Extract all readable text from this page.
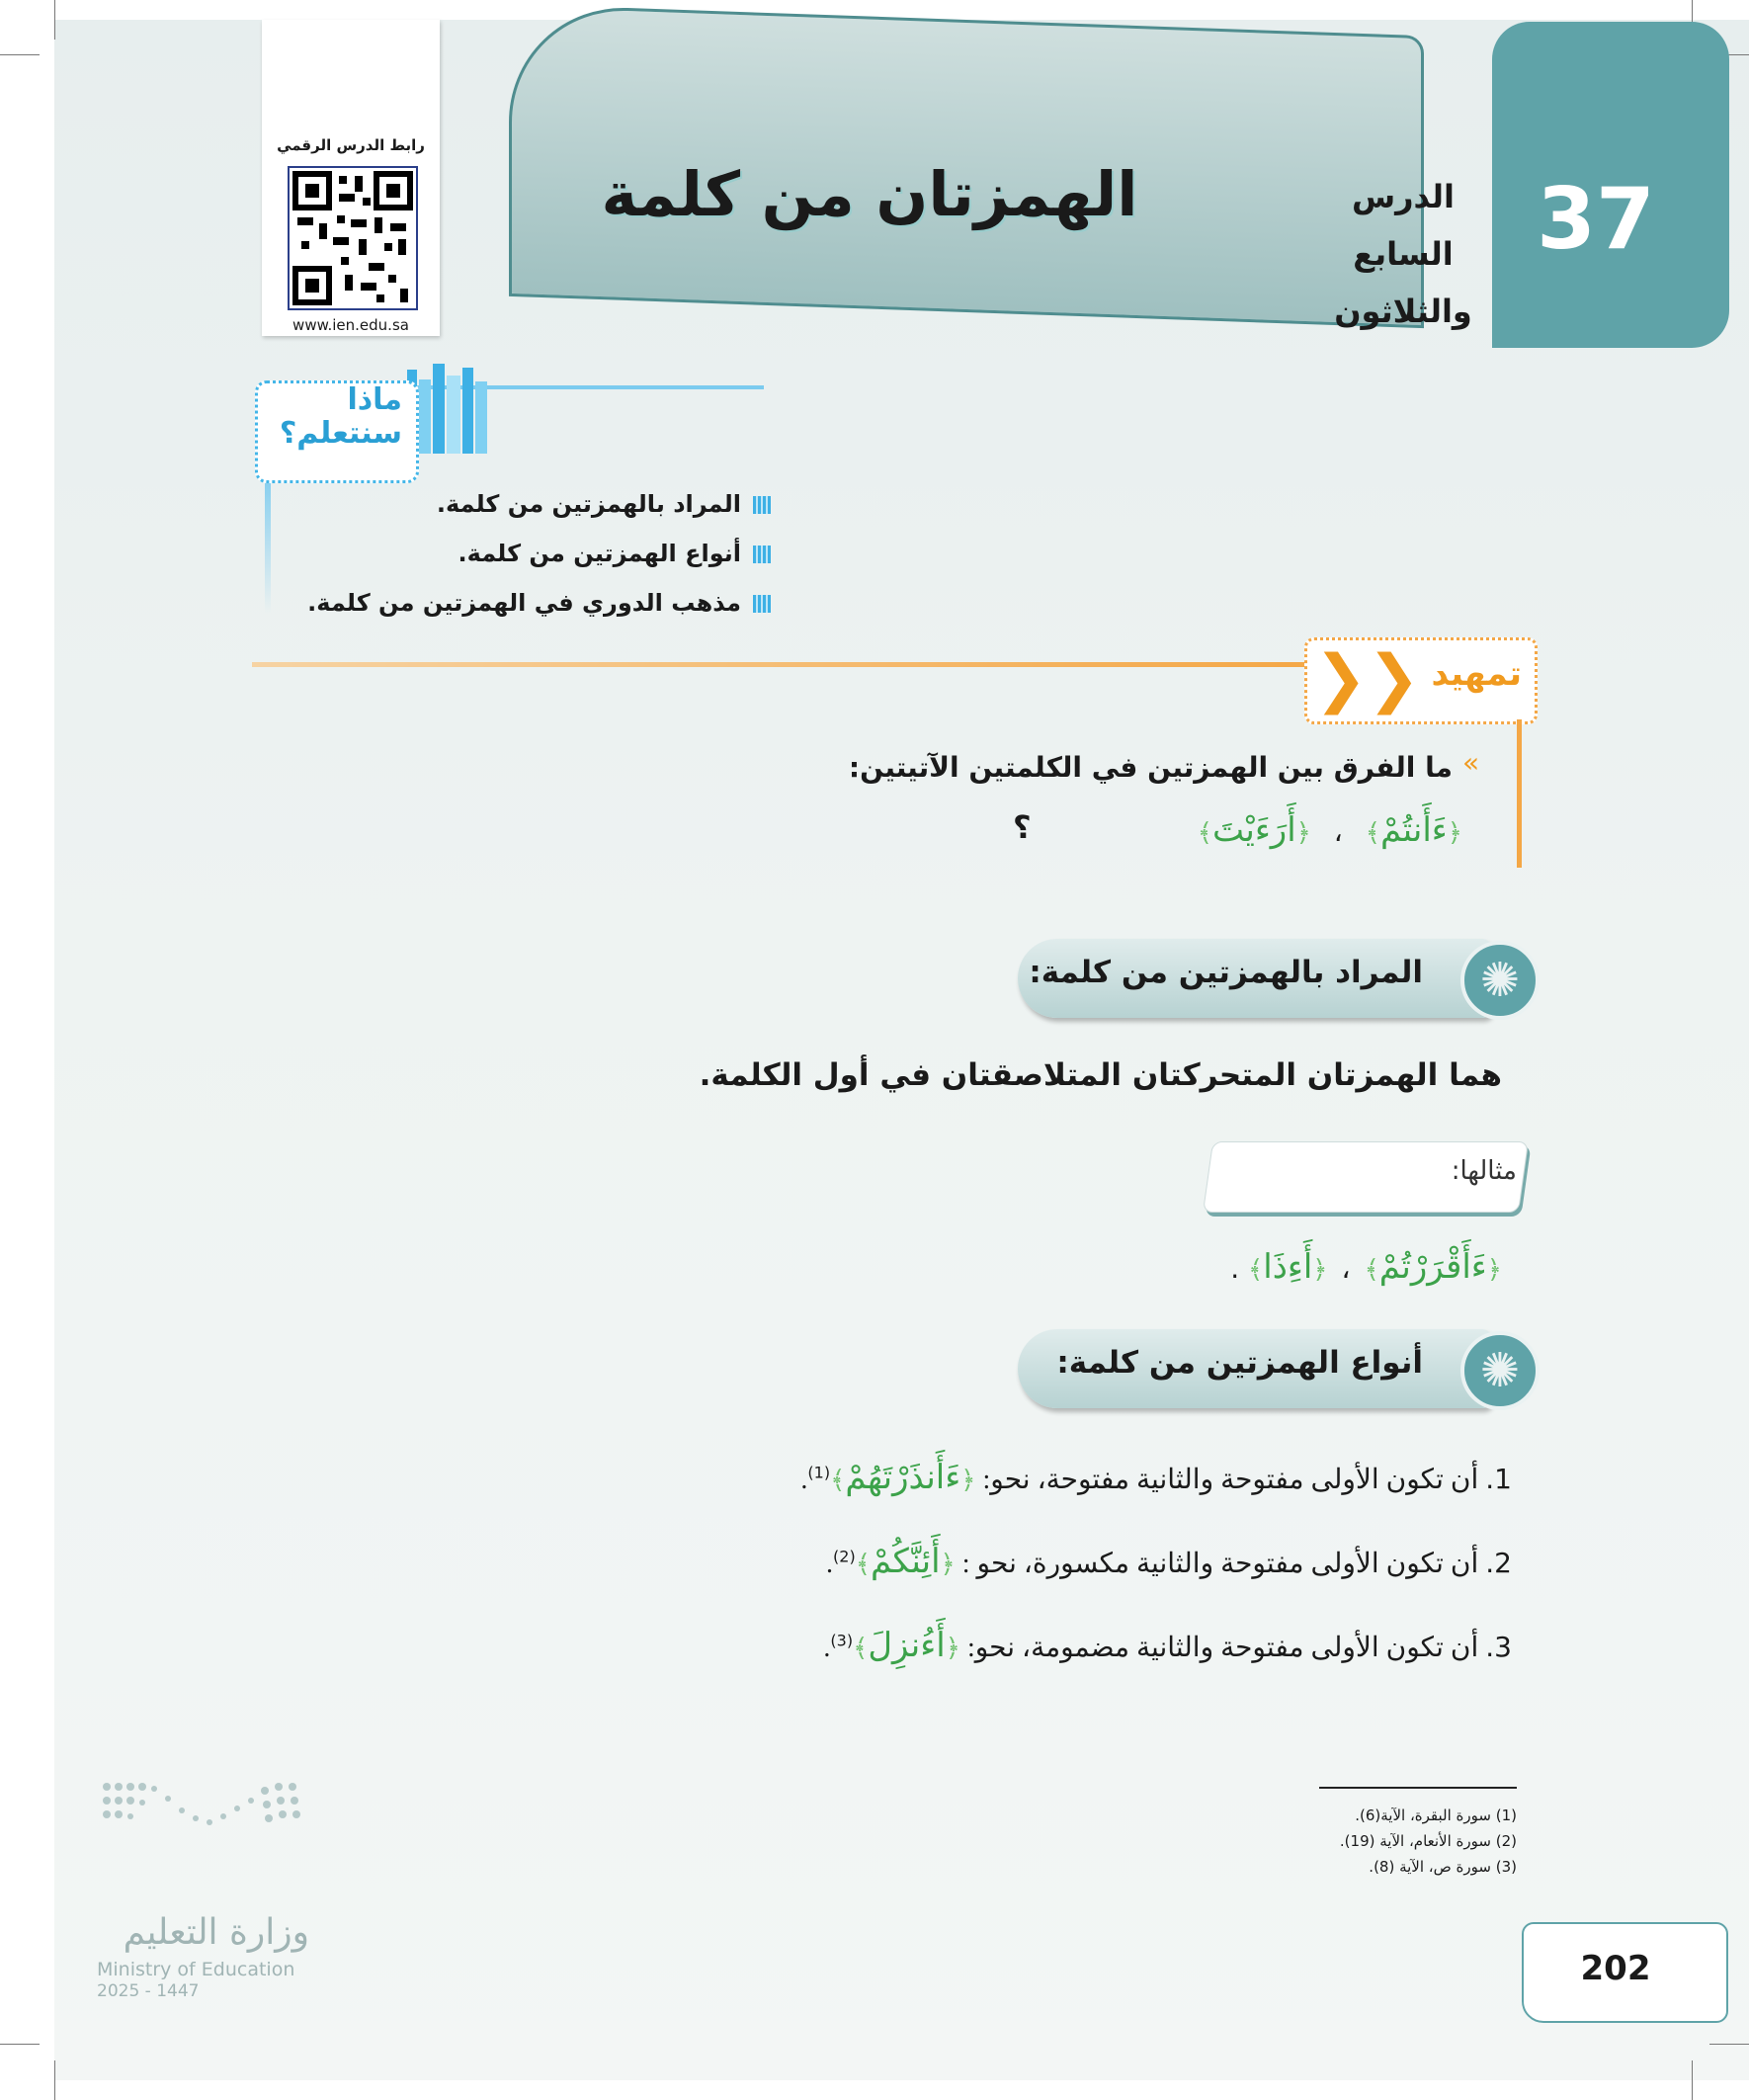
الهمزتان من كلمة	الدرس السابع
والثلاثون
37
رابط الدرس الرقمي
www.ien.edu.sa
ماذا
سنتعلم؟
المراد بالهمزتين من كلمة.
أنواع الهمزتين من كلمة.
مذهب الدوري في الهمزتين من كلمة.
❯❯ تمهيد
«
ما الفرق بين الهمزتين في الكلمتين الآتيتين:
﴿ءَأَنتُمْ﴾   ،   ﴿أَرَءَيْتَ﴾
؟
المراد بالهمزتين من كلمة: ✺
هما الهمزتان المتحركتان المتلاصقتان في أول الكلمة.
مثالها:
﴿ءَأَقْرَرْتُمْ﴾  ،  ﴿أَءِذَا﴾ .
أنواع الهمزتين من كلمة: ✺
1. أن تكون الأولى مفتوحة والثانية مفتوحة، نحو: ﴿ءَأَنذَرْتَهُمْ﴾$^{(1)}$.
2. أن تكون الأولى مفتوحة والثانية مكسورة، نحو : ﴿أَئِنَّكُمْ﴾$^{(2)}$.
3. أن تكون الأولى مفتوحة والثانية مضمومة، نحو: ﴿أَءُنزِلَ﴾$^{(3)}$.
(1) سورة البقرة، الآية(6).
(2) سورة الأنعام، الآية (19).
(3) سورة ص، الآية (8).
وزارة التعليم
Ministry of Education
2025 - 1447
202
